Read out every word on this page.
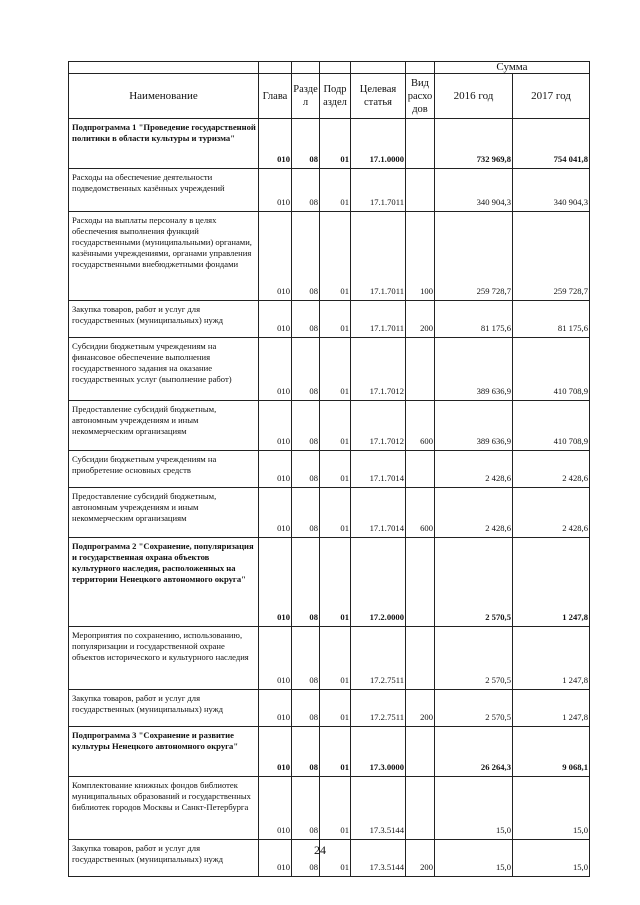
						Сумма	
Наименование	Глава	Разде л	Подр аздел	Целевая статья	Вид расхо дов	2016 год	2017 год
Подпрограмма 1 "Проведение государственной политики в области культуры и туризма"	010	08	01	17.1.0000		732 969,8	754 041,8
Расходы на обеспечение деятельности подведомственных казённых учреждений	010	08	01	17.1.7011		340 904,3	340 904,3
Расходы на выплаты персоналу в целях обеспечения выполнения функций государственными (муниципальными) органами, казёнными учреждениями, органами управления государственными внебюджетными фондами	010	08	01	17.1.7011	100	259 728,7	259 728,7
Закупка товаров, работ и услуг для государственных (муниципальных) нужд	010	08	01	17.1.7011	200	81 175,6	81 175,6
Субсидии бюджетным учреждениям на финансовое обеспечение выполнения государственного задания на оказание государственных услуг (выполнение работ)	010	08	01	17.1.7012		389 636,9	410 708,9
Предоставление субсидий бюджетным, автономным учреждениям и иным некоммерческим организациям	010	08	01	17.1.7012	600	389 636,9	410 708,9
Субсидии бюджетным учреждениям на приобретение основных средств	010	08	01	17.1.7014		2 428,6	2 428,6
Предоставление субсидий бюджетным, автономным учреждениям и иным некоммерческим организациям	010	08	01	17.1.7014	600	2 428,6	2 428,6
Подпрограмма 2 "Сохранение, популяризация и государственная охрана объектов культурного наследия, расположенных на территории Ненецкого автономного округа"	010	08	01	17.2.0000		2 570,5	1 247,8
Мероприятия по сохранению, использованию, популяризации и государственной охране объектов исторического и культурного наследия	010	08	01	17.2.7511		2 570,5	1 247,8
Закупка товаров, работ и услуг для государственных (муниципальных) нужд	010	08	01	17.2.7511	200	2 570,5	1 247,8
Подпрограмма 3 "Сохранение и развитие культуры Ненецкого автономного округа"	010	08	01	17.3.0000		26 264,3	9 068,1
Комплектование книжных фондов библиотек муниципальных образований и государственных библиотек городов Москвы и Санкт-Петербурга	010	08	01	17.3.5144		15,0	15,0
Закупка товаров, работ и услуг для государственных (муниципальных) нужд	010	08	01	17.3.5144	200	15,0	15,0
24
